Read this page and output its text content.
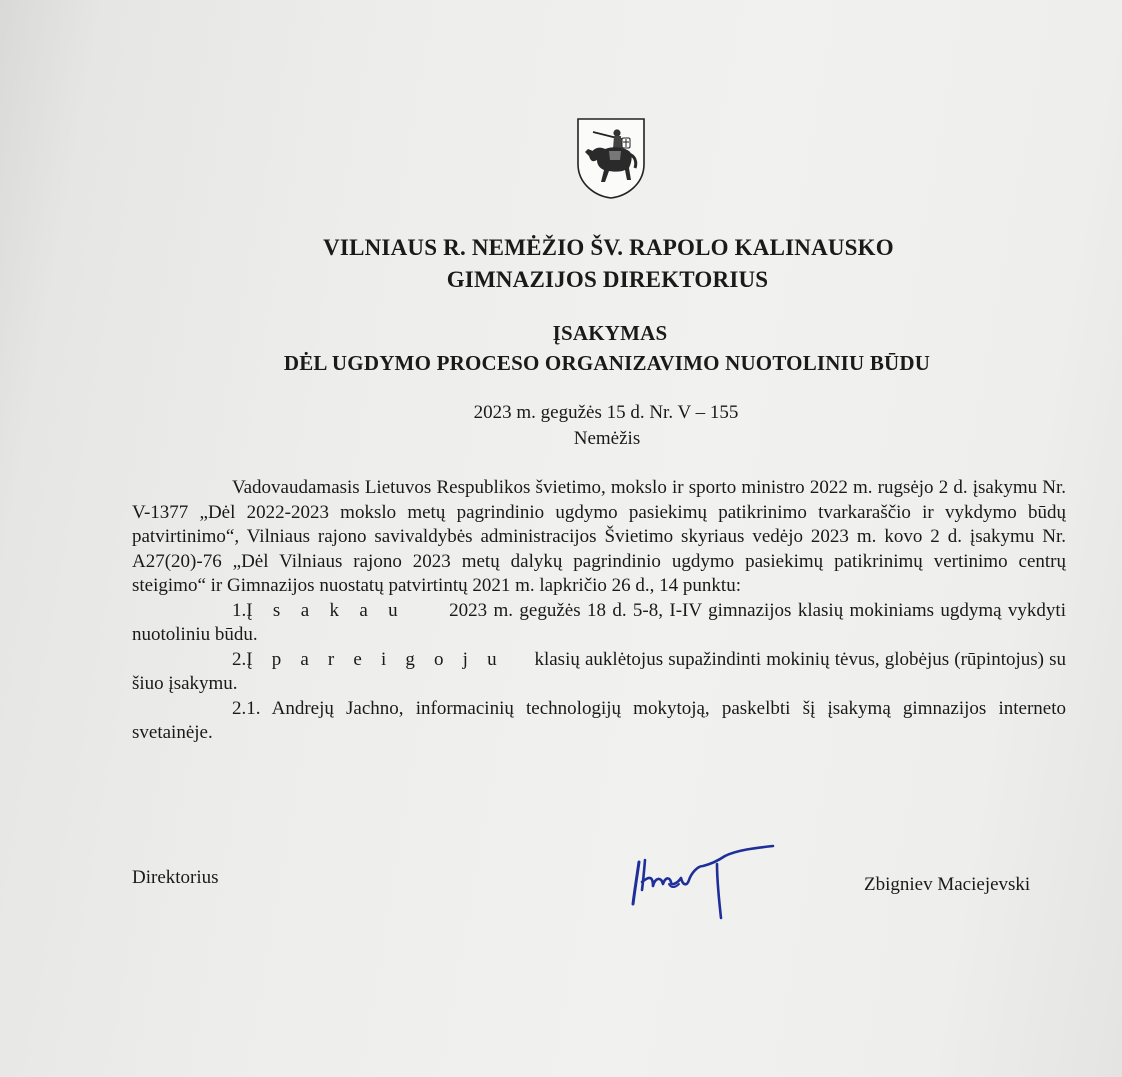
VILNIAUS R. NEMĖŽIO ŠV. RAPOLO KALINAUSKO
GIMNAZIJOS DIREKTORIUS
ĮSAKYMAS
DĖL UGDYMO PROCESO ORGANIZAVIMO NUOTOLINIU BŪDU
2023 m. gegužės 15 d. Nr. V – 155
Nemėžis

Vadovaudamasis Lietuvos Respublikos švietimo, mokslo ir sporto ministro 2022 m. rugsėjo 2 d. įsakymu Nr. V-1377 „Dėl 2022-2023 mokslo metų pagrindinio ugdymo pasiekimų patikrinimo tvarkaraščio ir vykdymo būdų patvirtinimo“, Vilniaus rajono savivaldybės administracijos Švietimo skyriaus vedėjo 2023 m. kovo 2 d. įsakymu Nr. A27(20)-76 „Dėl Vilniaus rajono 2023 metų dalykų pagrindinio ugdymo pasiekimų patikrinimų vertinimo centrų steigimo“ ir Gimnazijos nuostatų patvirtintų 2021 m. lapkričio 26 d., 14 punktu:

1.Į s a k a u 2023 m. gegužės 18 d. 5-8, I-IV gimnazijos klasių mokiniams ugdymą vykdyti nuotoliniu būdu.

2.Į p a r e i g o j u klasių auklėtojus supažindinti mokinių tėvus, globėjus (rūpintojus) su šiuo įsakymu.

2.1. Andrejų Jachno, informacinių technologijų mokytoją, paskelbti šį įsakymą gimnazijos interneto svetainėje.

Direktorius	Zbigniev Maciejevski
